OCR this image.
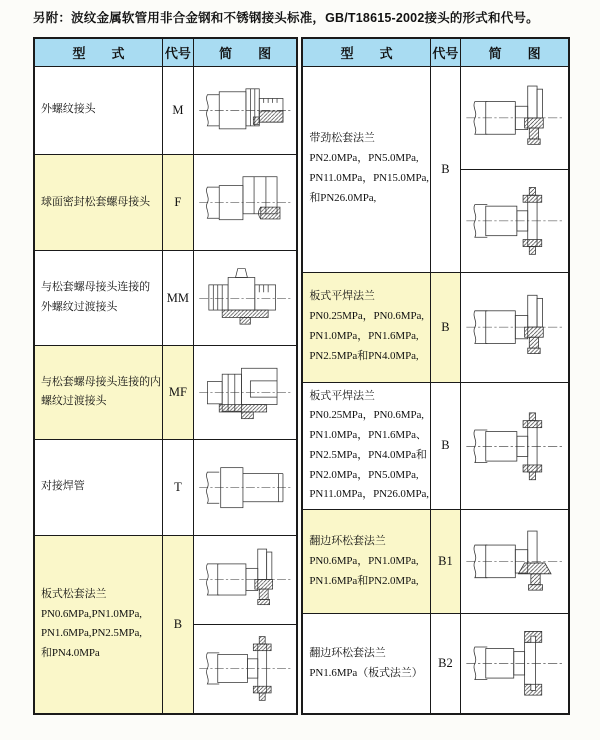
另附：波纹金属软管用非合金钢和不锈钢接头标准，GB/T18615-2002接头的形式和代号。

型　　式	代号	简　　图

外螺纹接头	M	

球面密封松套螺母接头	F	

与松套螺母接头连接的
外螺纹过渡接头	MM	

与松套螺母接头连接的内
螺纹过渡接头	MF	

对接焊管	T	

板式松套法兰
PN0.6MPa,PN1.0MPa,
PN1.6MPa,PN2.5MPa,
和PN4.0MPa	B	
型　　式	代号	简　　图

带劲松套法兰
PN2.0MPa，PN5.0MPa,
PN11.0MPa，PN15.0MPa,
和PN26.0MPa,	B	

板式平焊法兰
PN0.25MPa，PN0.6MPa,
PN1.0MPa，PN1.6MPa,
PN2.5MPa和PN4.0MPa,	B	

板式平焊法兰
PN0.25MPa，PN0.6MPa,
PN1.0MPa，PN1.6MPa、
PN2.5MPa，PN4.0MPa和
PN2.0MPa，PN5.0MPa,
PN11.0MPa，PN26.0MPa,
	B	

翻边环松套法兰
PN0.6MPa，PN1.0MPa,
PN1.6MPa和PN2.0MPa,	B1	

翻边环松套法兰
PN1.6MPa（板式法兰）	B2	
